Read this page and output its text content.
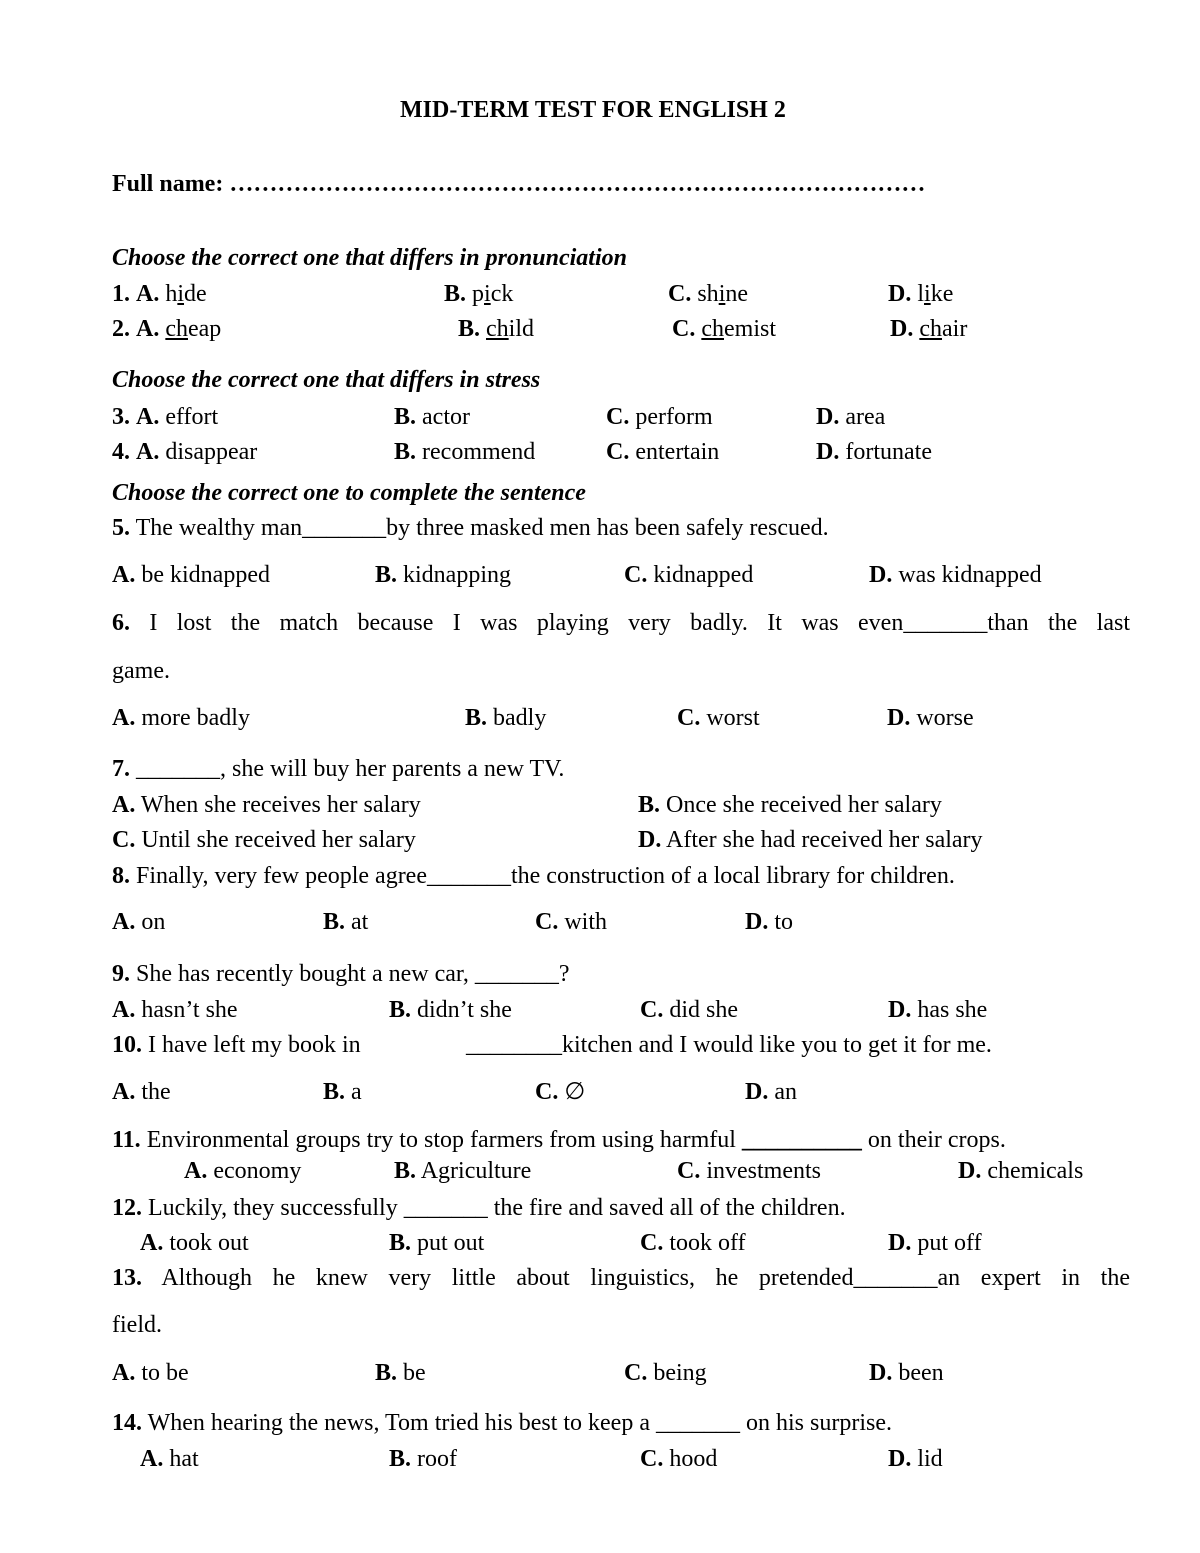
MID-TERM TEST FOR ENGLISH 2
Full name: ……………………………………………………………………………
Choose the correct one that differs in pronunciation
1. A. hide	B. pick	C. shine	D. like
2. A. cheap	B. child	C. chemist	D. chair
Choose the correct one that differs in stress
3. A. effort	B. actor	C. perform	D. area
4. A. disappear	B. recommend	C. entertain	D. fortunate
Choose the correct one to complete the sentence
5. The wealthy man_______by three masked men has been safely rescued.
A. be kidnapped	B. kidnapping	C. kidnapped	D. was kidnapped
6. I lost the match because I was playing very badly. It was even_______than the last
game.
A. more badly	B. badly	C. worst	D. worse
7. _______, she will buy her parents a new TV.
A. When she receives her salary	B. Once she received her salary
C. Until she received her salary	D. After she had received her salary
8. Finally, very few people agree_______the construction of a local library for children.
A. on	B. at	C. with	D. to
9. She has recently bought a new car, _______?
A. hasn’t she	B. didn’t she	C. did she	D. has she
10. I have left my book in	________kitchen and I would like you to get it for me.
A. the	B. a	C. ∅	D. an
11. Environmental groups try to stop farmers from using harmful __________ on their crops.
A. economy	B. Agriculture	C. investments	D. chemicals
12. Luckily, they successfully _______ the fire and saved all of the children.
A. took out	B. put out	C. took off	D. put off
13. Although he knew very little about linguistics, he pretended_______an expert in the
field.
A. to be	B. be	C. being	D. been
14. When hearing the news, Tom tried his best to keep a _______ on his surprise.
A. hat	B. roof	C. hood	D. lid
